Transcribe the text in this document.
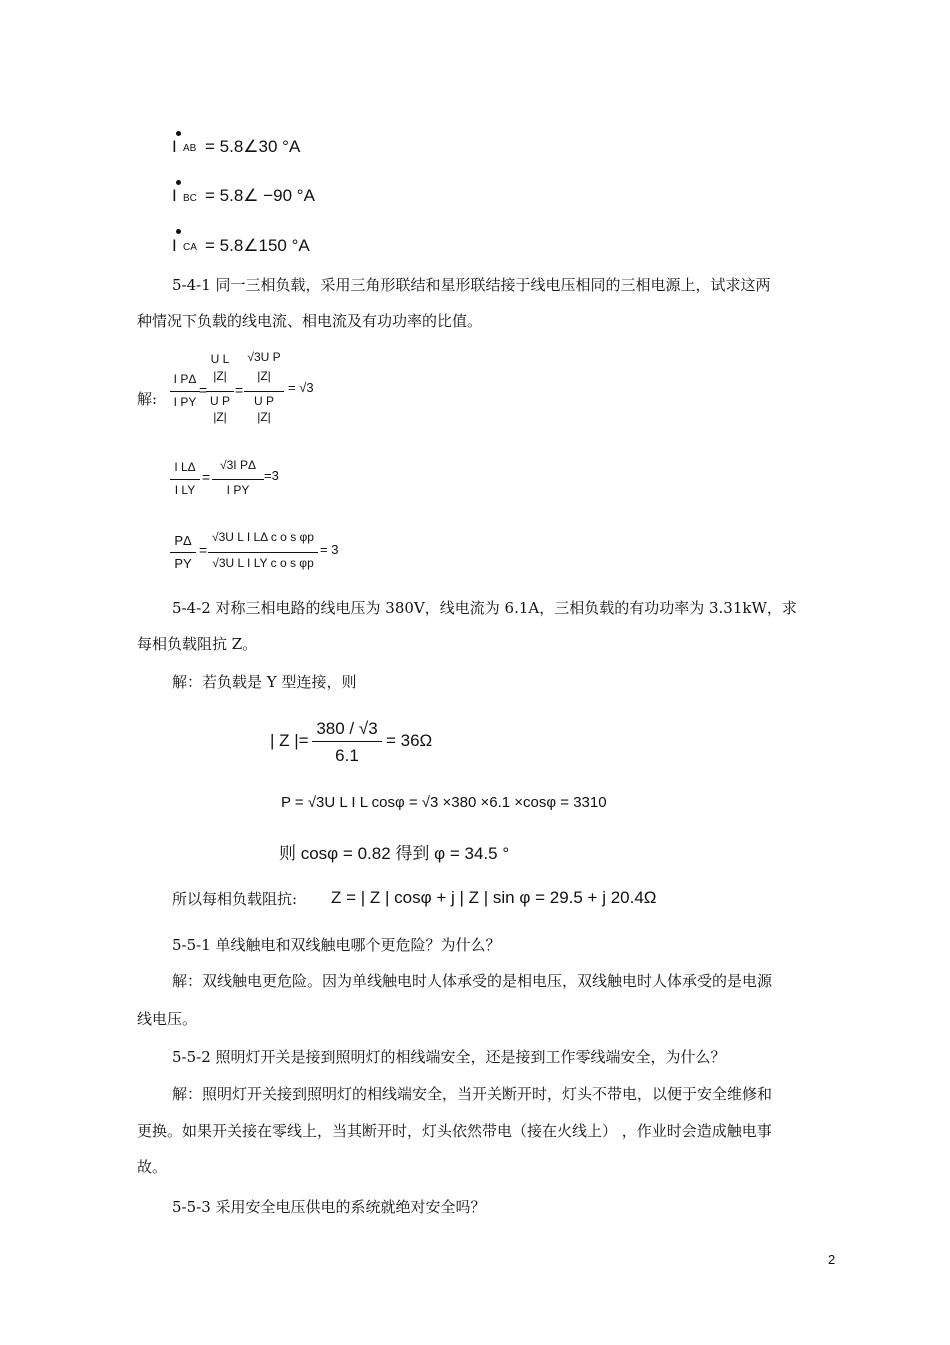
I AB = 5.8∠30 °A
I BC = 5.8∠ −90 °A
I CA = 5.8∠150 °A
5-4-1 同一三相负载，采用三角形联结和星形联结接于线电压相同的三相电源上，试求这两
种情况下负载的线电流、相电流及有功功率的比值。
解:
I PΔ
I PY
=
U L
|Z|
U P
|Z|
=
√3U P
|Z|
U P
|Z|
= √3
I LΔ
I LY
=
√3I PΔ
I PY
=3
PΔ
PY
=
√3U L I LΔ c o s φp
√3U L I LY c o s φp
= 3
5-4-2 对称三相电路的线电压为 380V，线电流为 6.1A，三相负载的有功功率为 3.31kW，求
每相负载阻抗 Z。
解：若负载是 Y 型连接，则
| Z |=
380 / √3
6.1
= 36Ω
P = √3U L I L cosφ = √3 ×380 ×6.1 ×cosφ = 3310
则 cosφ = 0.82 得到 φ = 34.5 °
所以每相负载阻抗: Z = | Z | cosφ + j | Z | sin φ = 29.5 + j 20.4Ω
5-5-1 单线触电和双线触电哪个更危险？为什么？
解：双线触电更危险。因为单线触电时人体承受的是相电压，双线触电时人体承受的是电源
线电压。
5-5-2 照明灯开关是接到照明灯的相线端安全，还是接到工作零线端安全，为什么？
解：照明灯开关接到照明灯的相线端安全，当开关断开时，灯头不带电，以便于安全维修和
更换。如果开关接在零线上，当其断开时，灯头依然带电（接在火线上） ，作业时会造成触电事
故。
5-5-3 采用安全电压供电的系统就绝对安全吗？
2
